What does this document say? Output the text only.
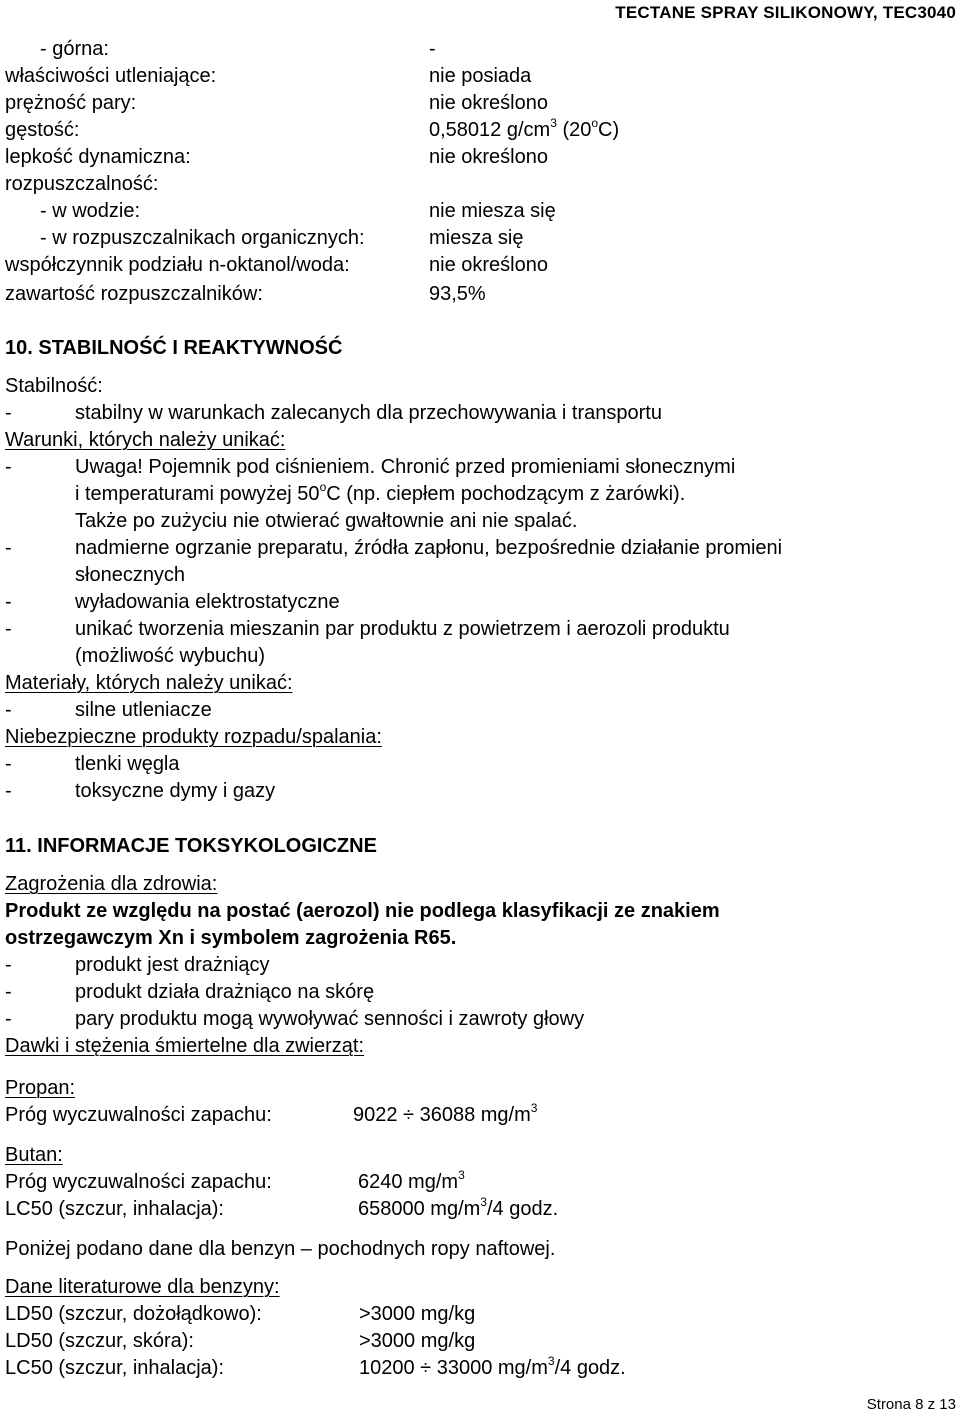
TECTANE SPRAY SILIKONOWY, TEC3040
- górna:	-
właściwości utleniające:	nie posiada
prężność pary:	nie określono
gęstość:	0,58012 $g/cm^3$ (20$^o$C)
lepkość dynamiczna:	nie określono
rozpuszczalność:
- w wodzie:	nie miesza się
- w rozpuszczalnikach organicznych:	miesza się
współczynnik podziału n-oktanol/woda:	nie określono
zawartość rozpuszczalników:	93,5%
10. STABILNOŚĆ I REAKTYWNOŚĆ
Stabilność:
-	stabilny w warunkach zalecanych dla przechowywania i transportu
Warunki, których należy unikać:
-	Uwaga! Pojemnik pod ciśnieniem. Chronić przed promieniami słonecznymi
i temperaturami powyżej 50$^o$C (np. ciepłem pochodzącym z żarówki).
Także po zużyciu nie otwierać gwałtownie ani nie spalać.
-	nadmierne ogrzanie preparatu, źródła zapłonu, bezpośrednie działanie promieni
słonecznych
-	wyładowania elektrostatyczne
-	unikać tworzenia mieszanin par produktu z powietrzem i aerozoli produktu
(możliwość wybuchu)
Materiały, których należy unikać:
-	silne utleniacze
Niebezpieczne produkty rozpadu/spalania:
-	tlenki węgla
-	toksyczne dymy i gazy
11. INFORMACJE TOKSYKOLOGICZNE
Zagrożenia dla zdrowia:
Produkt ze względu na postać (aerozol) nie podlega klasyfikacji ze znakiem
ostrzegawczym Xn i symbolem zagrożenia R65.
-	produkt jest drażniący
-	produkt działa drażniąco na skórę
-	pary produktu mogą wywoływać senności i zawroty głowy
Dawki i stężenia śmiertelne dla zwierząt:
Propan:
Próg wyczuwalności zapachu:	9022 ÷ 36088 $mg/m^3$
Butan:
Próg wyczuwalności zapachu:	6240 $mg/m^3$
LC50 (szczur, inhalacja):	658000 $mg/m^3/4$ godz.
Poniżej podano dane dla benzyn – pochodnych ropy naftowej.
Dane literaturowe dla benzyny:
LD50 (szczur, dożołądkowo):	>3000 mg/kg
LD50 (szczur, skóra):	>3000 mg/kg
LC50 (szczur, inhalacja):	10200 ÷ 33000 $mg/m^3/4$ godz.
Strona 8 z 13
